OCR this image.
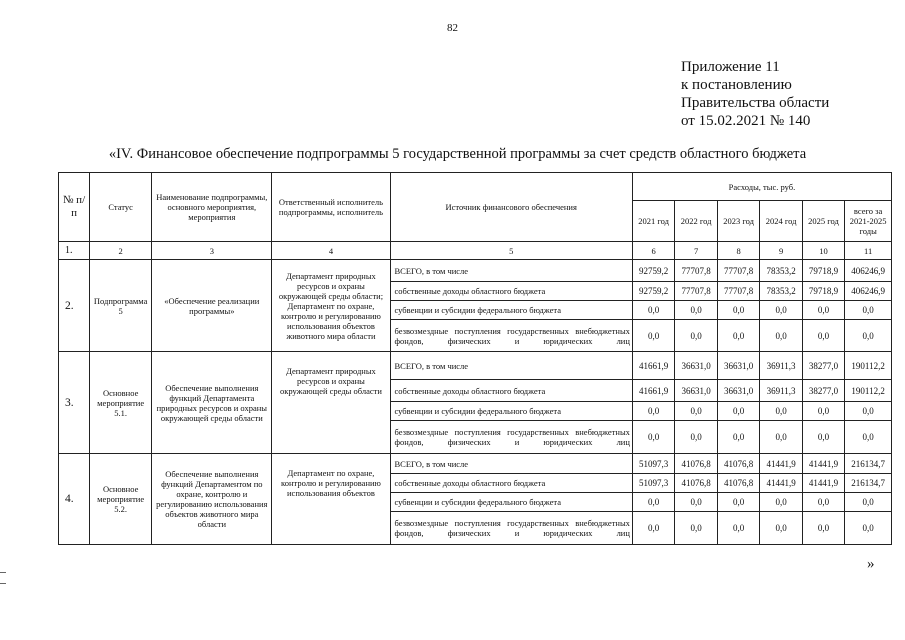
82
Приложение 11
к постановлению
Правительства области
от 15.02.2021 № 140
«IV. Финансовое обеспечение подпрограммы 5 государственной программы за счет средств областного бюджета
№ п/п	Статус	Наименование подпрограммы, основного мероприятия, мероприятия	Ответственный исполнитель подпрограммы, исполнитель	Источник финансового обеспечения	Расходы, тыс. руб.					
					2021 год	2022 год	2023 год	2024 год	2025 год	всего за 2021-2025 годы
1.	2	3	4	5	6	7	8	9	10	11
2.	Подпрограмма 5	«Обеспечение реализации программы»	Департамент природных ресурсов и охраны окружающей среды области; Департамент по охране, контролю и регулированию использования объектов животного мира области	ВСЕГО, в том числе	92759,2	77707,8	77707,8	78353,2	79718,9	406246,9
				собственные доходы областного бюджета	92759,2	77707,8	77707,8	78353,2	79718,9	406246,9
				субвенции и субсидии федерального бюджета	0,0	0,0	0,0	0,0	0,0	0,0
				безвозмездные поступления государственных внебюджетных фондов, физических и юридических лиц	0,0	0,0	0,0	0,0	0,0	0,0
3.	Основное мероприятие 5.1.	Обеспечение выполнения функций Департамента природных ресурсов и охраны окружающей среды области	Департамент природных ресурсов и охраны окружающей среды области	ВСЕГО, в том числе	41661,9	36631,0	36631,0	36911,3	38277,0	190112,2
				собственные доходы областного бюджета	41661,9	36631,0	36631,0	36911,3	38277,0	190112,2
				субвенции и субсидии федерального бюджета	0,0	0,0	0,0	0,0	0,0	0,0
				безвозмездные поступления государственных внебюджетных фондов, физических и юридических лиц	0,0	0,0	0,0	0,0	0,0	0,0
4.	Основное мероприятие 5.2.	Обеспечение выполнения функций Департаментом по охране, контролю и регулированию использования объектов животного мира области	Департамент по охране, контролю и регулированию использования объектов	ВСЕГО, в том числе	51097,3	41076,8	41076,8	41441,9	41441,9	216134,7
				собственные доходы областного бюджета	51097,3	41076,8	41076,8	41441,9	41441,9	216134,7
				субвенции и субсидии федерального бюджета	0,0	0,0	0,0	0,0	0,0	0,0
				безвозмездные поступления государственных внебюджетных фондов, физических и юридических лиц	0,0	0,0	0,0	0,0	0,0	0,0
»
